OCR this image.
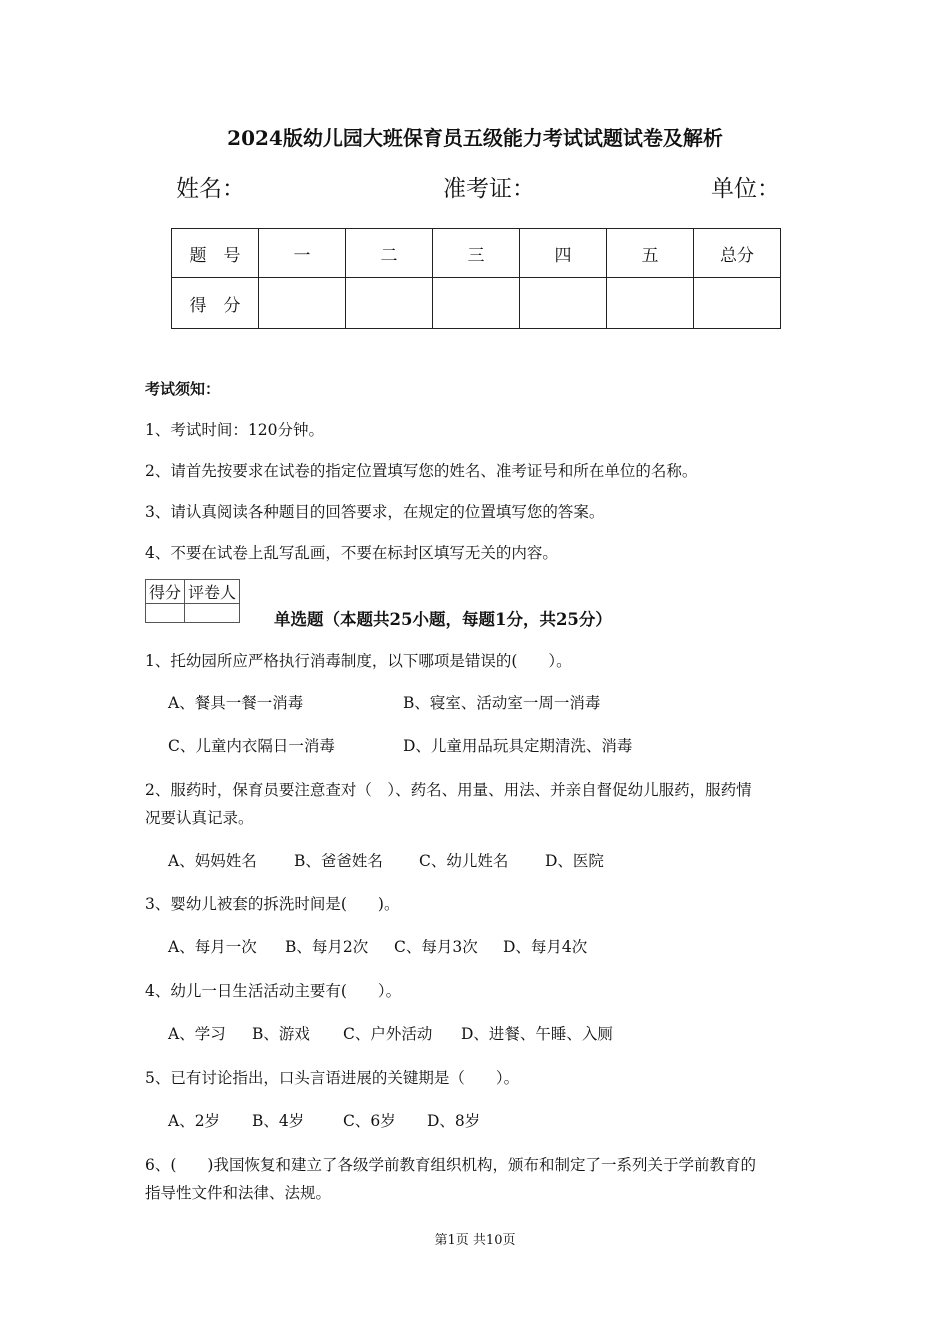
2024版幼儿园大班保育员五级能力考试试题试卷及解析
姓名：	准考证：	单位：
题　号	一	二	三	四	五	总分
得　分						
考试须知：
1、考试时间：120分钟。
2、请首先按要求在试卷的指定位置填写您的姓名、准考证号和所在单位的名称。
3、请认真阅读各种题目的回答要求，在规定的位置填写您的答案。
4、不要在试卷上乱写乱画，不要在标封区填写无关的内容。
得分	评卷人

单选题（本题共25小题，每题1分，共25分）
1、托幼园所应严格执行消毒制度，以下哪项是错误的(　　）。
A、餐具一餐一消毒	B、寝室、活动室一周一消毒
C、儿童内衣隔日一消毒	D、儿童用品玩具定期清洗、消毒
2、服药时，保育员要注意查对（　）、药名、用量、用法、并亲自督促幼儿服药，服药情
况要认真记录。
A、妈妈姓名 B、爸爸姓名 C、幼儿姓名 D、医院
3、婴幼儿被套的拆洗时间是(　　)。
A、每月一次 B、每月2次 C、每月3次 D、每月4次
4、幼儿一日生活活动主要有(　　）。
A、学习 B、游戏 C、户外活动 D、进餐、午睡、入厕
5、已有讨论指出，口头言语进展的关键期是（　　）。
A、2岁 B、4岁 C、6岁 D、8岁
6、(　　)我国恢复和建立了各级学前教育组织机构，颁布和制定了一系列关于学前教育的
指导性文件和法律、法规。
第1页 共10页
